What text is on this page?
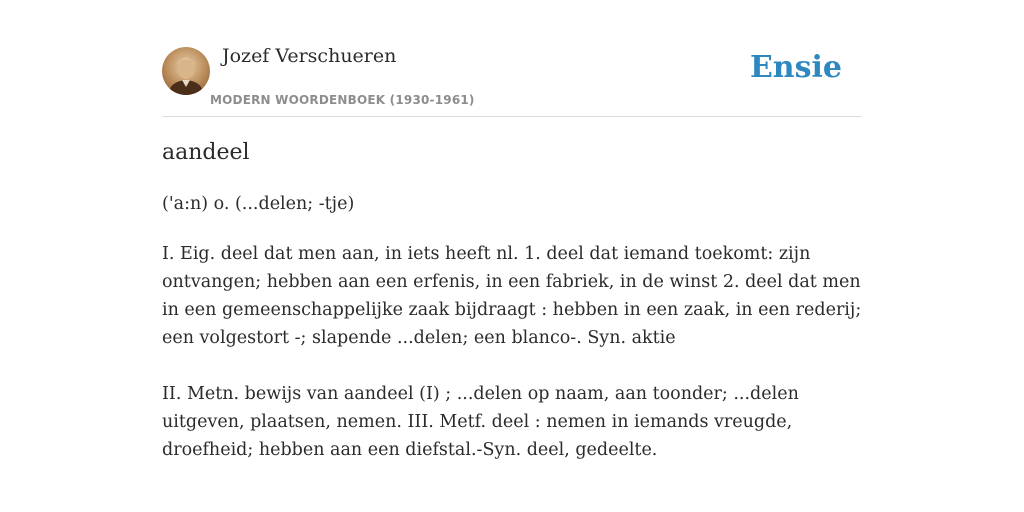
Jozef Verschueren
MODERN WOORDENBOEK (1930-1961)
Ensie
aandeel
('a:n) o. (...delen; -tje)

I. Eig. deel dat men aan, in iets heeft nl. 1. deel dat iemand toekomt: zijn ontvangen; hebben aan een erfenis, in een fabriek, in de winst 2. deel dat men in een gemeenschappelijke zaak bijdraagt : hebben in een zaak, in een rederij; een volgestort -; slapende ...delen; een blanco-. Syn. aktie

II. Metn. bewijs van aandeel (I) ; ...delen op naam, aan toonder; ...delen uitgeven, plaatsen, nemen. III. Metf. deel : nemen in iemands vreugde, droefheid; hebben aan een diefstal.-Syn. deel, gedeelte.
